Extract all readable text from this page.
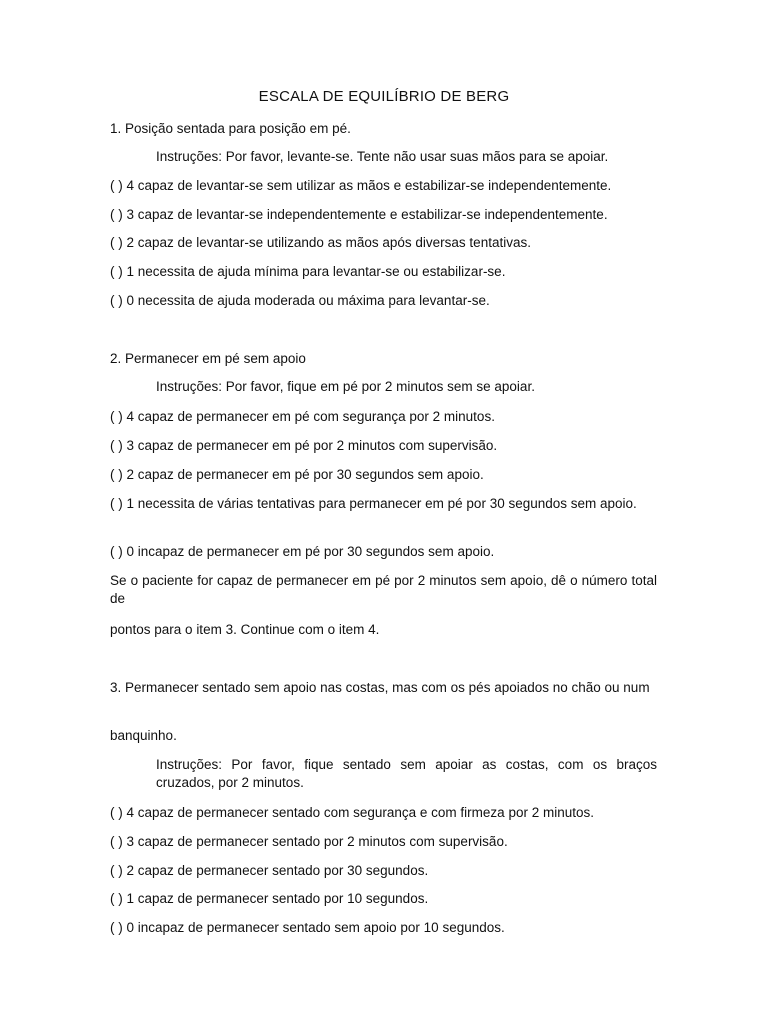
ESCALA DE EQUILÍBRIO DE BERG
1. Posição sentada para posição em pé.
Instruções: Por favor, levante-se. Tente não usar suas mãos para se apoiar.
( ) 4 capaz de levantar-se sem utilizar as mãos e estabilizar-se independentemente.
( ) 3 capaz de levantar-se independentemente e estabilizar-se independentemente.
( ) 2 capaz de levantar-se utilizando as mãos após diversas tentativas.
( ) 1 necessita de ajuda mínima para levantar-se ou estabilizar-se.
( ) 0 necessita de ajuda moderada ou máxima para levantar-se.
2. Permanecer em pé sem apoio
Instruções: Por favor, fique em pé por 2 minutos sem se apoiar.
( ) 4 capaz de permanecer em pé com segurança por 2 minutos.
( ) 3 capaz de permanecer em pé por 2 minutos com supervisão.
( ) 2 capaz de permanecer em pé por 30 segundos sem apoio.
( ) 1 necessita de várias tentativas para permanecer em pé por 30 segundos sem apoio.
( ) 0 incapaz de permanecer em pé por 30 segundos sem apoio.
Se o paciente for capaz de permanecer em pé por 2 minutos sem apoio, dê o número total de
pontos para o item 3. Continue com o item 4.
3. Permanecer sentado sem apoio nas costas, mas com os pés apoiados no chão ou num
banquinho.
Instruções: Por favor, fique sentado sem apoiar as costas, com os braços cruzados, por 2 minutos.
( ) 4 capaz de permanecer sentado com segurança e com firmeza por 2 minutos.
( ) 3 capaz de permanecer sentado por 2 minutos com supervisão.
( ) 2 capaz de permanecer sentado por 30 segundos.
( ) 1 capaz de permanecer sentado por 10 segundos.
( ) 0 incapaz de permanecer sentado sem apoio por 10 segundos.
